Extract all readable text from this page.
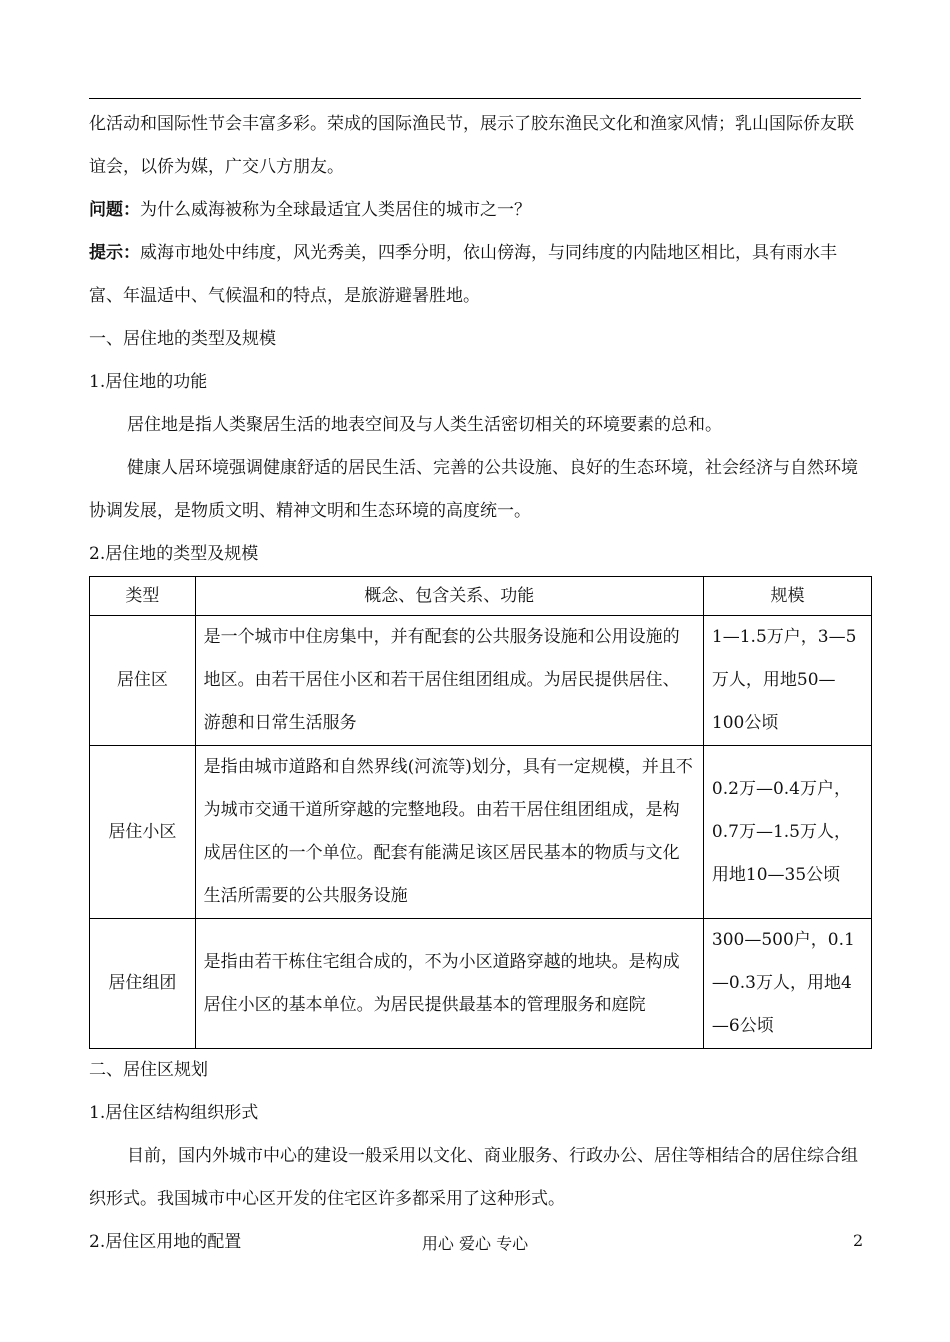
化活动和国际性节会丰富多彩。荣成的国际渔民节，展示了胶东渔民文化和渔家风情；乳山国际侨友联谊会，以侨为媒，广交八方朋友。

问题：为什么威海被称为全球最适宜人类居住的城市之一？

提示：威海市地处中纬度，风光秀美，四季分明，依山傍海，与同纬度的内陆地区相比，具有雨水丰富、年温适中、气候温和的特点，是旅游避暑胜地。

一、居住地的类型及规模

1.居住地的功能

居住地是指人类聚居生活的地表空间及与人类生活密切相关的环境要素的总和。

健康人居环境强调健康舒适的居民生活、完善的公共设施、良好的生态环境，社会经济与自然环境协调发展，是物质文明、精神文明和生态环境的高度统一。

2.居住地的类型及规模

类型	概念、包含关系、功能	规模
居住区	是一个城市中住房集中，并有配套的公共服务设施和公用设施的地区。由若干居住小区和若干居住组团组成。为居民提供居住、游憩和日常生活服务	1—1.5万户，3—5万人，用地50—100公顷
居住小区	是指由城市道路和自然界线(河流等)划分，具有一定规模，并且不为城市交通干道所穿越的完整地段。由若干居住组团组成，是构成居住区的一个单位。配套有能满足该区居民基本的物质与文化生活所需要的公共服务设施	0.2万—0.4万户，0.7万—1.5万人，用地10—35公顷
居住组团	是指由若干栋住宅组合成的，不为小区道路穿越的地块。是构成居住小区的基本单位。为居民提供最基本的管理服务和庭院	300—500户，0.1—0.3万人，用地4—6公顷

二、居住区规划

1.居住区结构组织形式

目前，国内外城市中心的建设一般采用以文化、商业服务、行政办公、居住等相结合的居住综合组织形式。我国城市中心区开发的住宅区许多都采用了这种形式。

2.居住区用地的配置	用心 爱心 专心	2
